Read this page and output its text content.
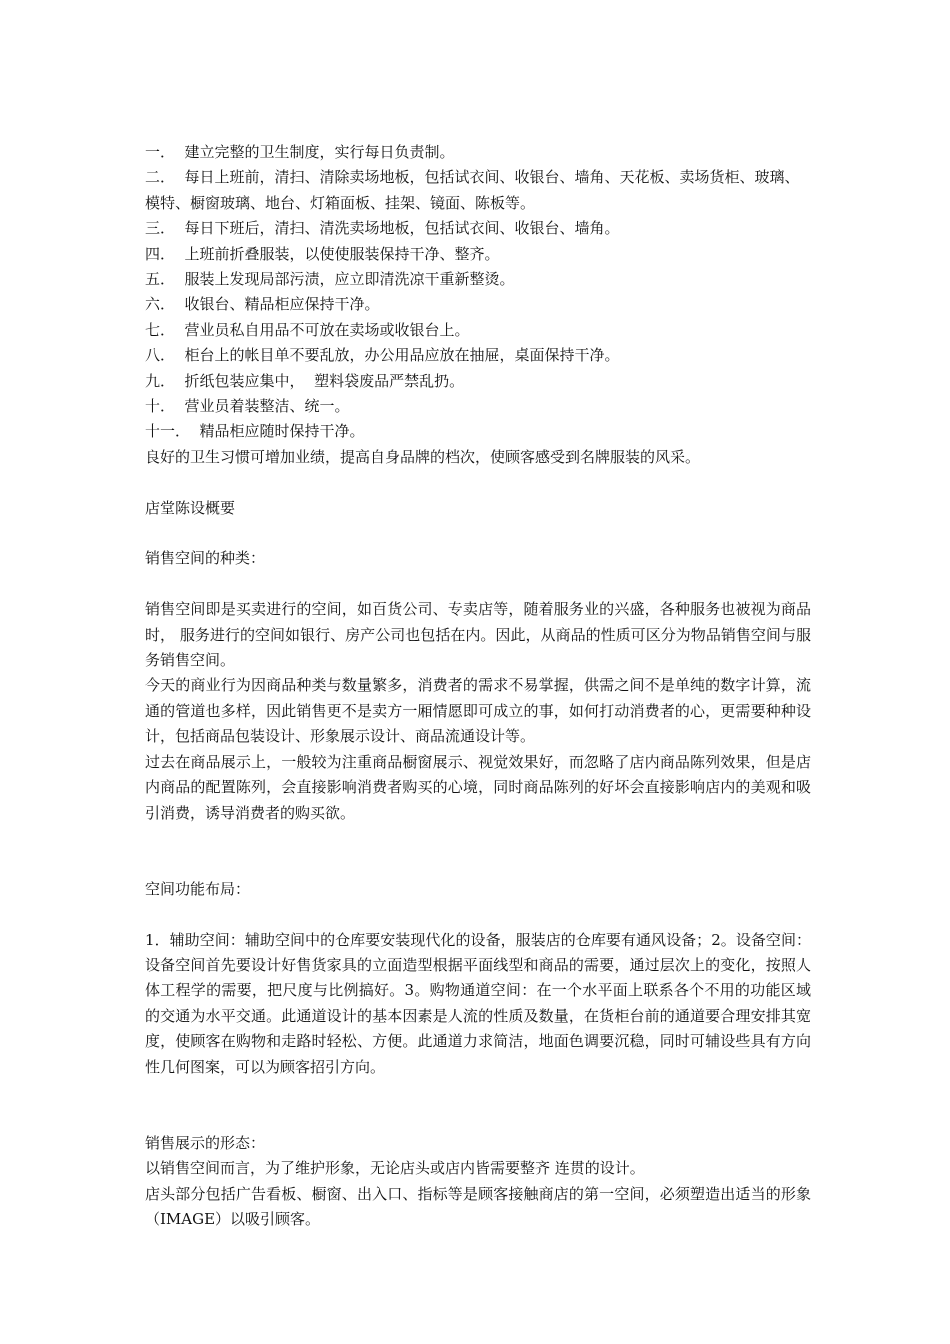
一．  建立完整的卫生制度，实行每日负责制。

二．  每日上班前，清扫、清除卖场地板，包括试衣间、收银台、墙角、天花板、卖场货柜、玻璃、模特、橱窗玻璃、地台、灯箱面板、挂架、镜面、陈板等。

三．  每日下班后，清扫、清洗卖场地板，包括试衣间、收银台、墙角。

四．  上班前折叠服装，以使使服装保持干净、整齐。

五．  服装上发现局部污渍，应立即清洗凉干重新整烫。

六．  收银台、精品柜应保持干净。

七．  营业员私自用品不可放在卖场或收银台上。

八．  柜台上的帐目单不要乱放，办公用品应放在抽屉，桌面保持干净。

九．  折纸包装应集中，  塑料袋废品严禁乱扔。

十．  营业员着装整洁、统一。

十一．  精品柜应随时保持干净。

良好的卫生习惯可增加业绩，提高自身品牌的档次，使顾客感受到名牌服装的风采。

店堂陈设概要

销售空间的种类：

销售空间即是买卖进行的空间，如百货公司、专卖店等，随着服务业的兴盛，各种服务也被视为商品时， 服务进行的空间如银行、房产公司也包括在内。因此，从商品的性质可区分为物品销售空间与服务销售空间。

今天的商业行为因商品种类与数量繁多，消费者的需求不易掌握，供需之间不是单纯的数字计算，流通的管道也多样，因此销售更不是卖方一厢情愿即可成立的事，如何打动消费者的心，更需要种种设计，包括商品包装设计、形象展示设计、商品流通设计等。

过去在商品展示上，一般较为注重商品橱窗展示、视觉效果好，而忽略了店内商品陈列效果，但是店内商品的配置陈列，会直接影响消费者购买的心境，同时商品陈列的好坏会直接影响店内的美观和吸引消费，诱导消费者的购买欲。

空间功能布局：

1．辅助空间：辅助空间中的仓库要安装现代化的设备，服装店的仓库要有通风设备；2。设备空间：设备空间首先要设计好售货家具的立面造型根据平面线型和商品的需要，通过层次上的变化，按照人体工程学的需要，把尺度与比例搞好。3。购物通道空间：在一个水平面上联系各个不用的功能区域的交通为水平交通。此通道设计的基本因素是人流的性质及数量，在货柜台前的通道要合理安排其宽度，使顾客在购物和走路时轻松、方便。此通道力求简洁，地面色调要沉稳，同时可辅设些具有方向性几何图案，可以为顾客招引方向。

销售展示的形态：

以销售空间而言，为了维护形象，无论店头或店内皆需要整齐 连贯的设计。

店头部分包括广告看板、橱窗、出入口、指标等是顾客接触商店的第一空间，必须塑造出适当的形象（IMAGE）以吸引顾客。
